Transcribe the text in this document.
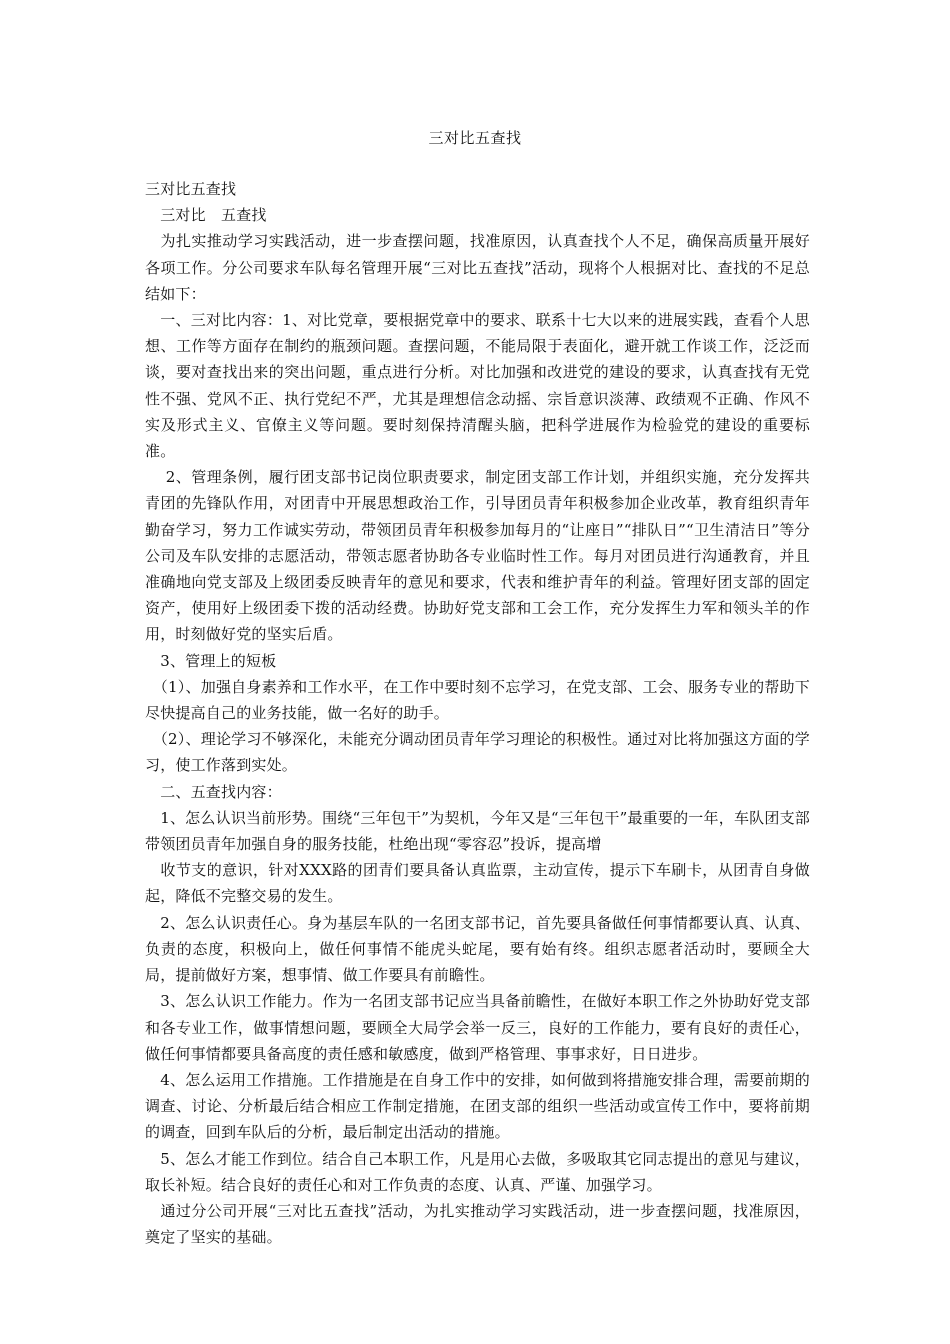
三对比五查找

三对比五查找

　三对比　五查找

　为扎实推动学习实践活动，进一步查摆问题，找准原因，认真查找个人不足，确保高质量开展好各项工作。分公司要求车队每名管理开展“三对比五查找”活动，现将个人根据对比、查找的不足总结如下：

　一、三对比内容：1、对比党章，要根据党章中的要求、联系十七大以来的进展实践，查看个人思想、工作等方面存在制约的瓶颈问题。查摆问题，不能局限于表面化，避开就工作谈工作，泛泛而谈，要对查找出来的突出问题，重点进行分析。对比加强和改进党的建设的要求，认真查找有无党性不强、党风不正、执行党纪不严，尤其是理想信念动摇、宗旨意识淡薄、政绩观不正确、作风不实及形式主义、官僚主义等问题。要时刻保持清醒头脑，把科学进展作为检验党的建设的重要标准。

　 2、管理条例，履行团支部书记岗位职责要求，制定团支部工作计划，并组织实施，充分发挥共青团的先锋队作用，对团青中开展思想政治工作，引导团员青年积极参加企业改革，教育组织青年勤奋学习，努力工作诚实劳动，带领团员青年积极参加每月的“让座日”“排队日”“卫生清洁日”等分公司及车队安排的志愿活动，带领志愿者协助各专业临时性工作。每月对团员进行沟通教育，并且准确地向党支部及上级团委反映青年的意见和要求，代表和维护青年的利益。管理好团支部的固定资产，使用好上级团委下拨的活动经费。协助好党支部和工会工作，充分发挥生力军和领头羊的作用，时刻做好党的坚实后盾。

　3、管理上的短板

　（1）、加强自身素养和工作水平，在工作中要时刻不忘学习，在党支部、工会、服务专业的帮助下尽快提高自己的业务技能，做一名好的助手。

　（2）、理论学习不够深化，未能充分调动团员青年学习理论的积极性。通过对比将加强这方面的学习，使工作落到实处。

　二、五查找内容：

　1、怎么认识当前形势。围绕“三年包干”为契机，今年又是“三年包干”最重要的一年，车队团支部带领团员青年加强自身的服务技能，杜绝出现“零容忍”投诉，提高增

　收节支的意识，针对XXX路的团青们要具备认真监票，主动宣传，提示下车刷卡，从团青自身做起，降低不完整交易的发生。

　2、怎么认识责任心。身为基层车队的一名团支部书记，首先要具备做任何事情都要认真、认真、负责的态度，积极向上，做任何事情不能虎头蛇尾，要有始有终。组织志愿者活动时，要顾全大局，提前做好方案，想事情、做工作要具有前瞻性。

　3、怎么认识工作能力。作为一名团支部书记应当具备前瞻性，在做好本职工作之外协助好党支部和各专业工作，做事情想问题，要顾全大局学会举一反三，良好的工作能力，要有良好的责任心，做任何事情都要具备高度的责任感和敏感度，做到严格管理、事事求好，日日进步。

　4、怎么运用工作措施。工作措施是在自身工作中的安排，如何做到将措施安排合理，需要前期的调查、讨论、分析最后结合相应工作制定措施，在团支部的组织一些活动或宣传工作中，要将前期的调查，回到车队后的分析，最后制定出活动的措施。

　5、怎么才能工作到位。结合自己本职工作，凡是用心去做，多吸取其它同志提出的意见与建议，取长补短。结合良好的责任心和对工作负责的态度、认真、严谨、加强学习。

　通过分公司开展“三对比五查找”活动，为扎实推动学习实践活动，进一步查摆问题，找准原因，奠定了坚实的基础。
